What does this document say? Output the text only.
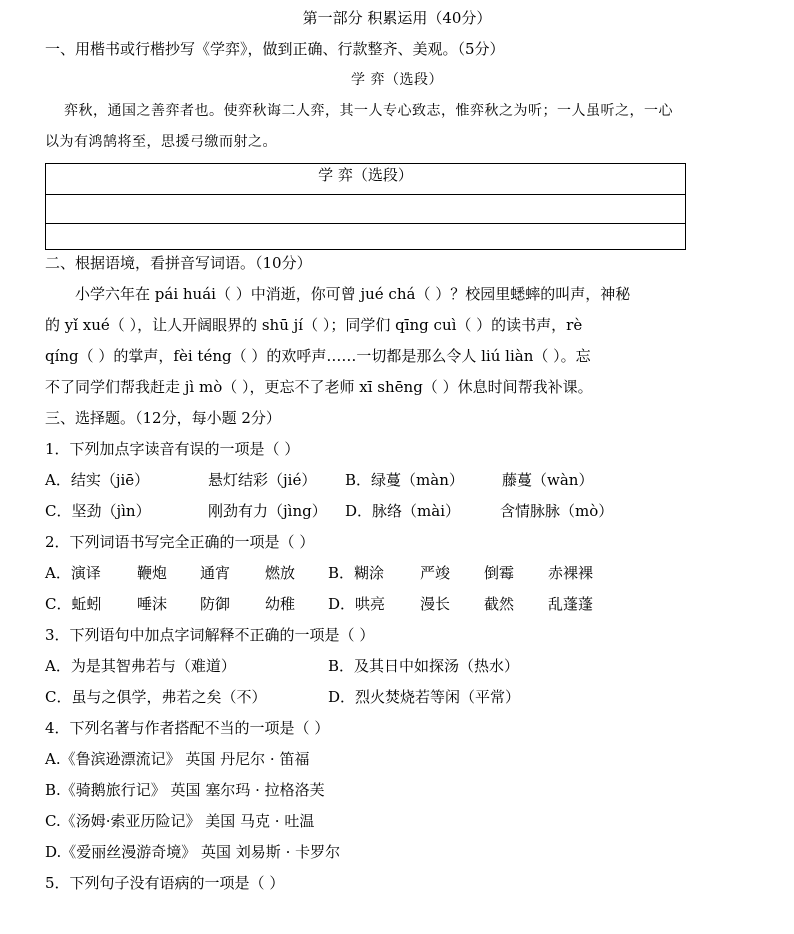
第一部分 积累运用（40分）
一、用楷书或行楷抄写《学弈》，做到正确、行款整齐、美观。（5分）
学 弈（选段）
弈秋，通国之善弈者也。使弈秋诲二人弈，其一人专心致志，惟弈秋之为听；一人虽听之，一心
以为有鸿鹄将至，思援弓缴而射之。
学 弈（选段）
二、根据语境，看拼音写词语。（10分）
小学六年在 pái huái（ ）中消逝，你可曾 jué chá（ ）？校园里蟋蟀的叫声，神秘
的 yǐ xué（ ），让人开阔眼界的 shū jí（ ）；同学们 qīng cuì（ ）的读书声，rè
qíng（ ）的掌声，fèi téng（ ）的欢呼声……一切都是那么令人 liú liàn（ ）。忘
不了同学们帮我赶走 jì mò（ ），更忘不了老师 xī shēng（ ）休息时间帮我补课。
三、选择题。（12分，每小题 2分）
1．下列加点字读音有误的一项是（ ）
A．结实（jiē）	悬灯结彩（jié） B．绿蔓（màn）	藤蔓（wàn）
C．坚劲（jìn）	刚劲有力（jìng） D．脉络（mài）	含情脉脉（mò）
2．下列词语书写完全正确的一项是（ ）
A．演译 鞭炮 通宵 燃放 B．糊涂 严竣 倒霉 赤裸裸
C．蚯蚓 唾沫 防御 幼稚 D．哄亮 漫长 截然 乱蓬蓬
3．下列语句中加点字词解释不正确的一项是（ ）
A．为是其智弗若与（难道）	B．及其日中如探汤（热水）
C．虽与之俱学，弗若之矣（不）	D．烈火焚烧若等闲（平常）
4．下列名著与作者搭配不当的一项是（ ）
A.《鲁滨逊漂流记》 英国 丹尼尔 · 笛福
B.《骑鹅旅行记》 英国 塞尔玛 · 拉格洛芙
C.《汤姆·索亚历险记》 美国 马克 · 吐温
D.《爱丽丝漫游奇境》 英国 刘易斯 · 卡罗尔
5．下列句子没有语病的一项是（ ）
